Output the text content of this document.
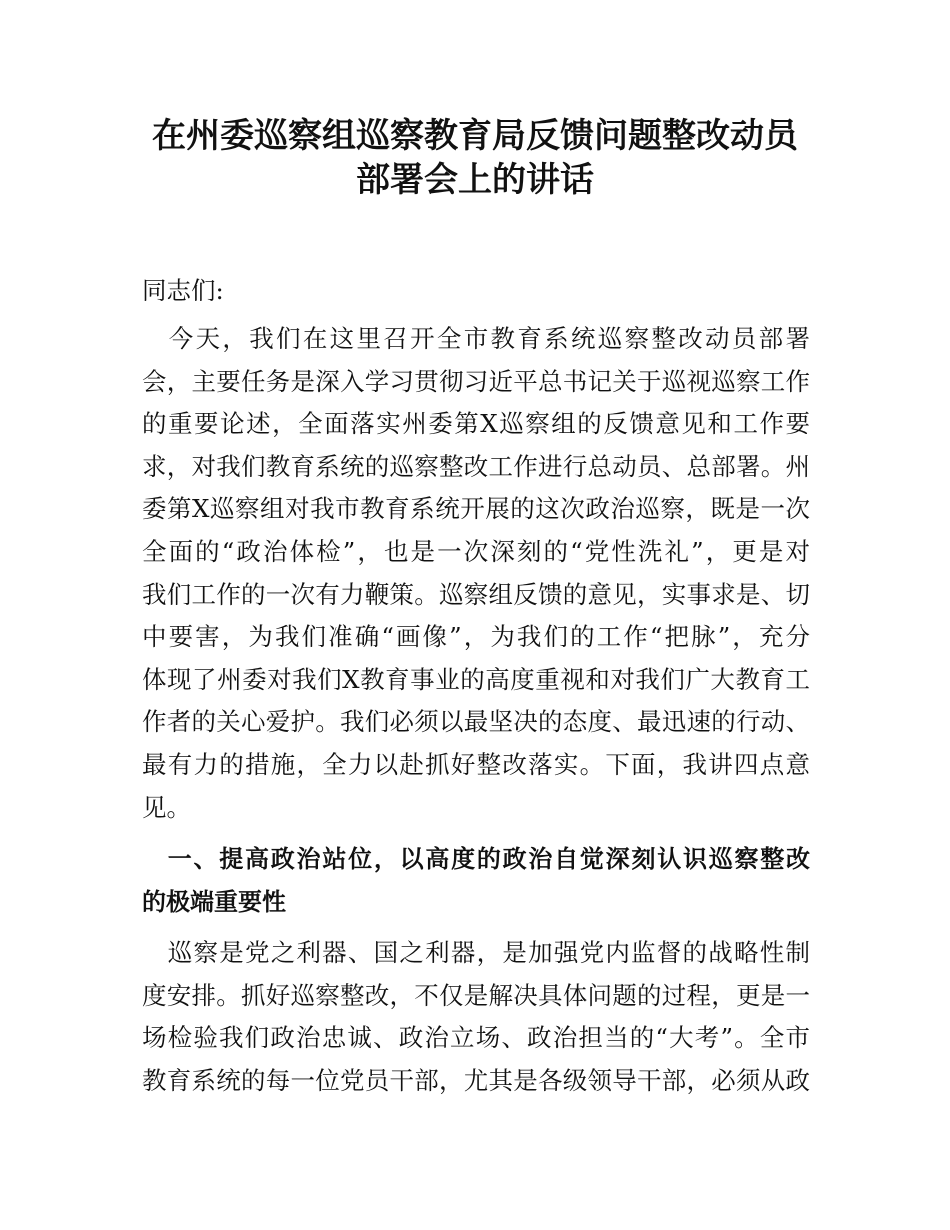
在州委巡察组巡察教育局反馈问题整改动员
部署会上的讲话

同志们:

　今天，我们在这里召开全市教育系统巡察整改动员部署

会，主要任务是深入学习贯彻习近平总书记关于巡视巡察工作

的重要论述，全面落实州委第X巡察组的反馈意见和工作要

求，对我们教育系统的巡察整改工作进行总动员、总部署。州

委第X巡察组对我市教育系统开展的这次政治巡察，既是一次

全面的“政治体检”，也是一次深刻的“党性洗礼”，更是对

我们工作的一次有力鞭策。巡察组反馈的意见，实事求是、切

中要害，为我们准确“画像”，为我们的工作“把脉”，充分

体现了州委对我们X教育事业的高度重视和对我们广大教育工

作者的关心爱护。我们必须以最坚决的态度、最迅速的行动、

最有力的措施，全力以赴抓好整改落实。下面，我讲四点意

见。

　一、提高政治站位，以高度的政治自觉深刻认识巡察整改

的极端重要性

　巡察是党之利器、国之利器，是加强党内监督的战略性制

度安排。抓好巡察整改，不仅是解决具体问题的过程，更是一

场检验我们政治忠诚、政治立场、政治担当的“大考”。全市

教育系统的每一位党员干部，尤其是各级领导干部，必须从政
